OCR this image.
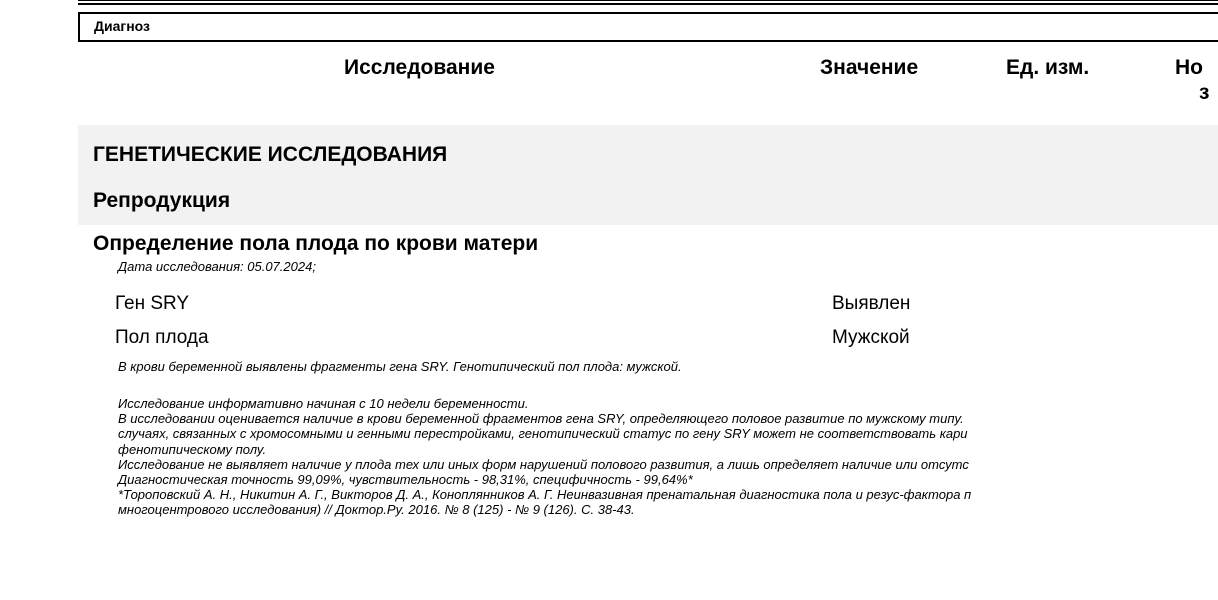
Диагноз
Исследование	Значение	Ед. изм.	Но
з
ГЕНЕТИЧЕСКИЕ ИССЛЕДОВАНИЯ
Репродукция
Определение пола плода по крови матери
Дата исследования: 05.07.2024;
Ген SRY	Выявлен
Пол плода	Мужской
В крови беременной выявлены фрагменты гена SRY. Генотипический пол плода: мужской.
Исследование информативно начиная с 10 недели беременности.
В исследовании оценивается наличие в крови беременной фрагментов гена SRY, определяющего половое развитие по мужскому типу.
случаях, связанных с хромосомными и генными перестройками, генотипический статус по гену SRY может не соответствовать кари
фенотипическому полу.
Исследование не выявляет наличие у плода тех или иных форм нарушений полового развития, а лишь определяет наличие или отсутс
Диагностическая точность 99,09%, чувствительность - 98,31%, специфичность - 99,64%*
*Тороповский А. Н., Никитин А. Г., Викторов Д. А., Коноплянников А. Г. Неинвазивная пренатальная диагностика пола и резус-фактора п
многоцентрового исследования) // Доктор.Ру. 2016. № 8 (125) - № 9 (126). С. 38-43.
